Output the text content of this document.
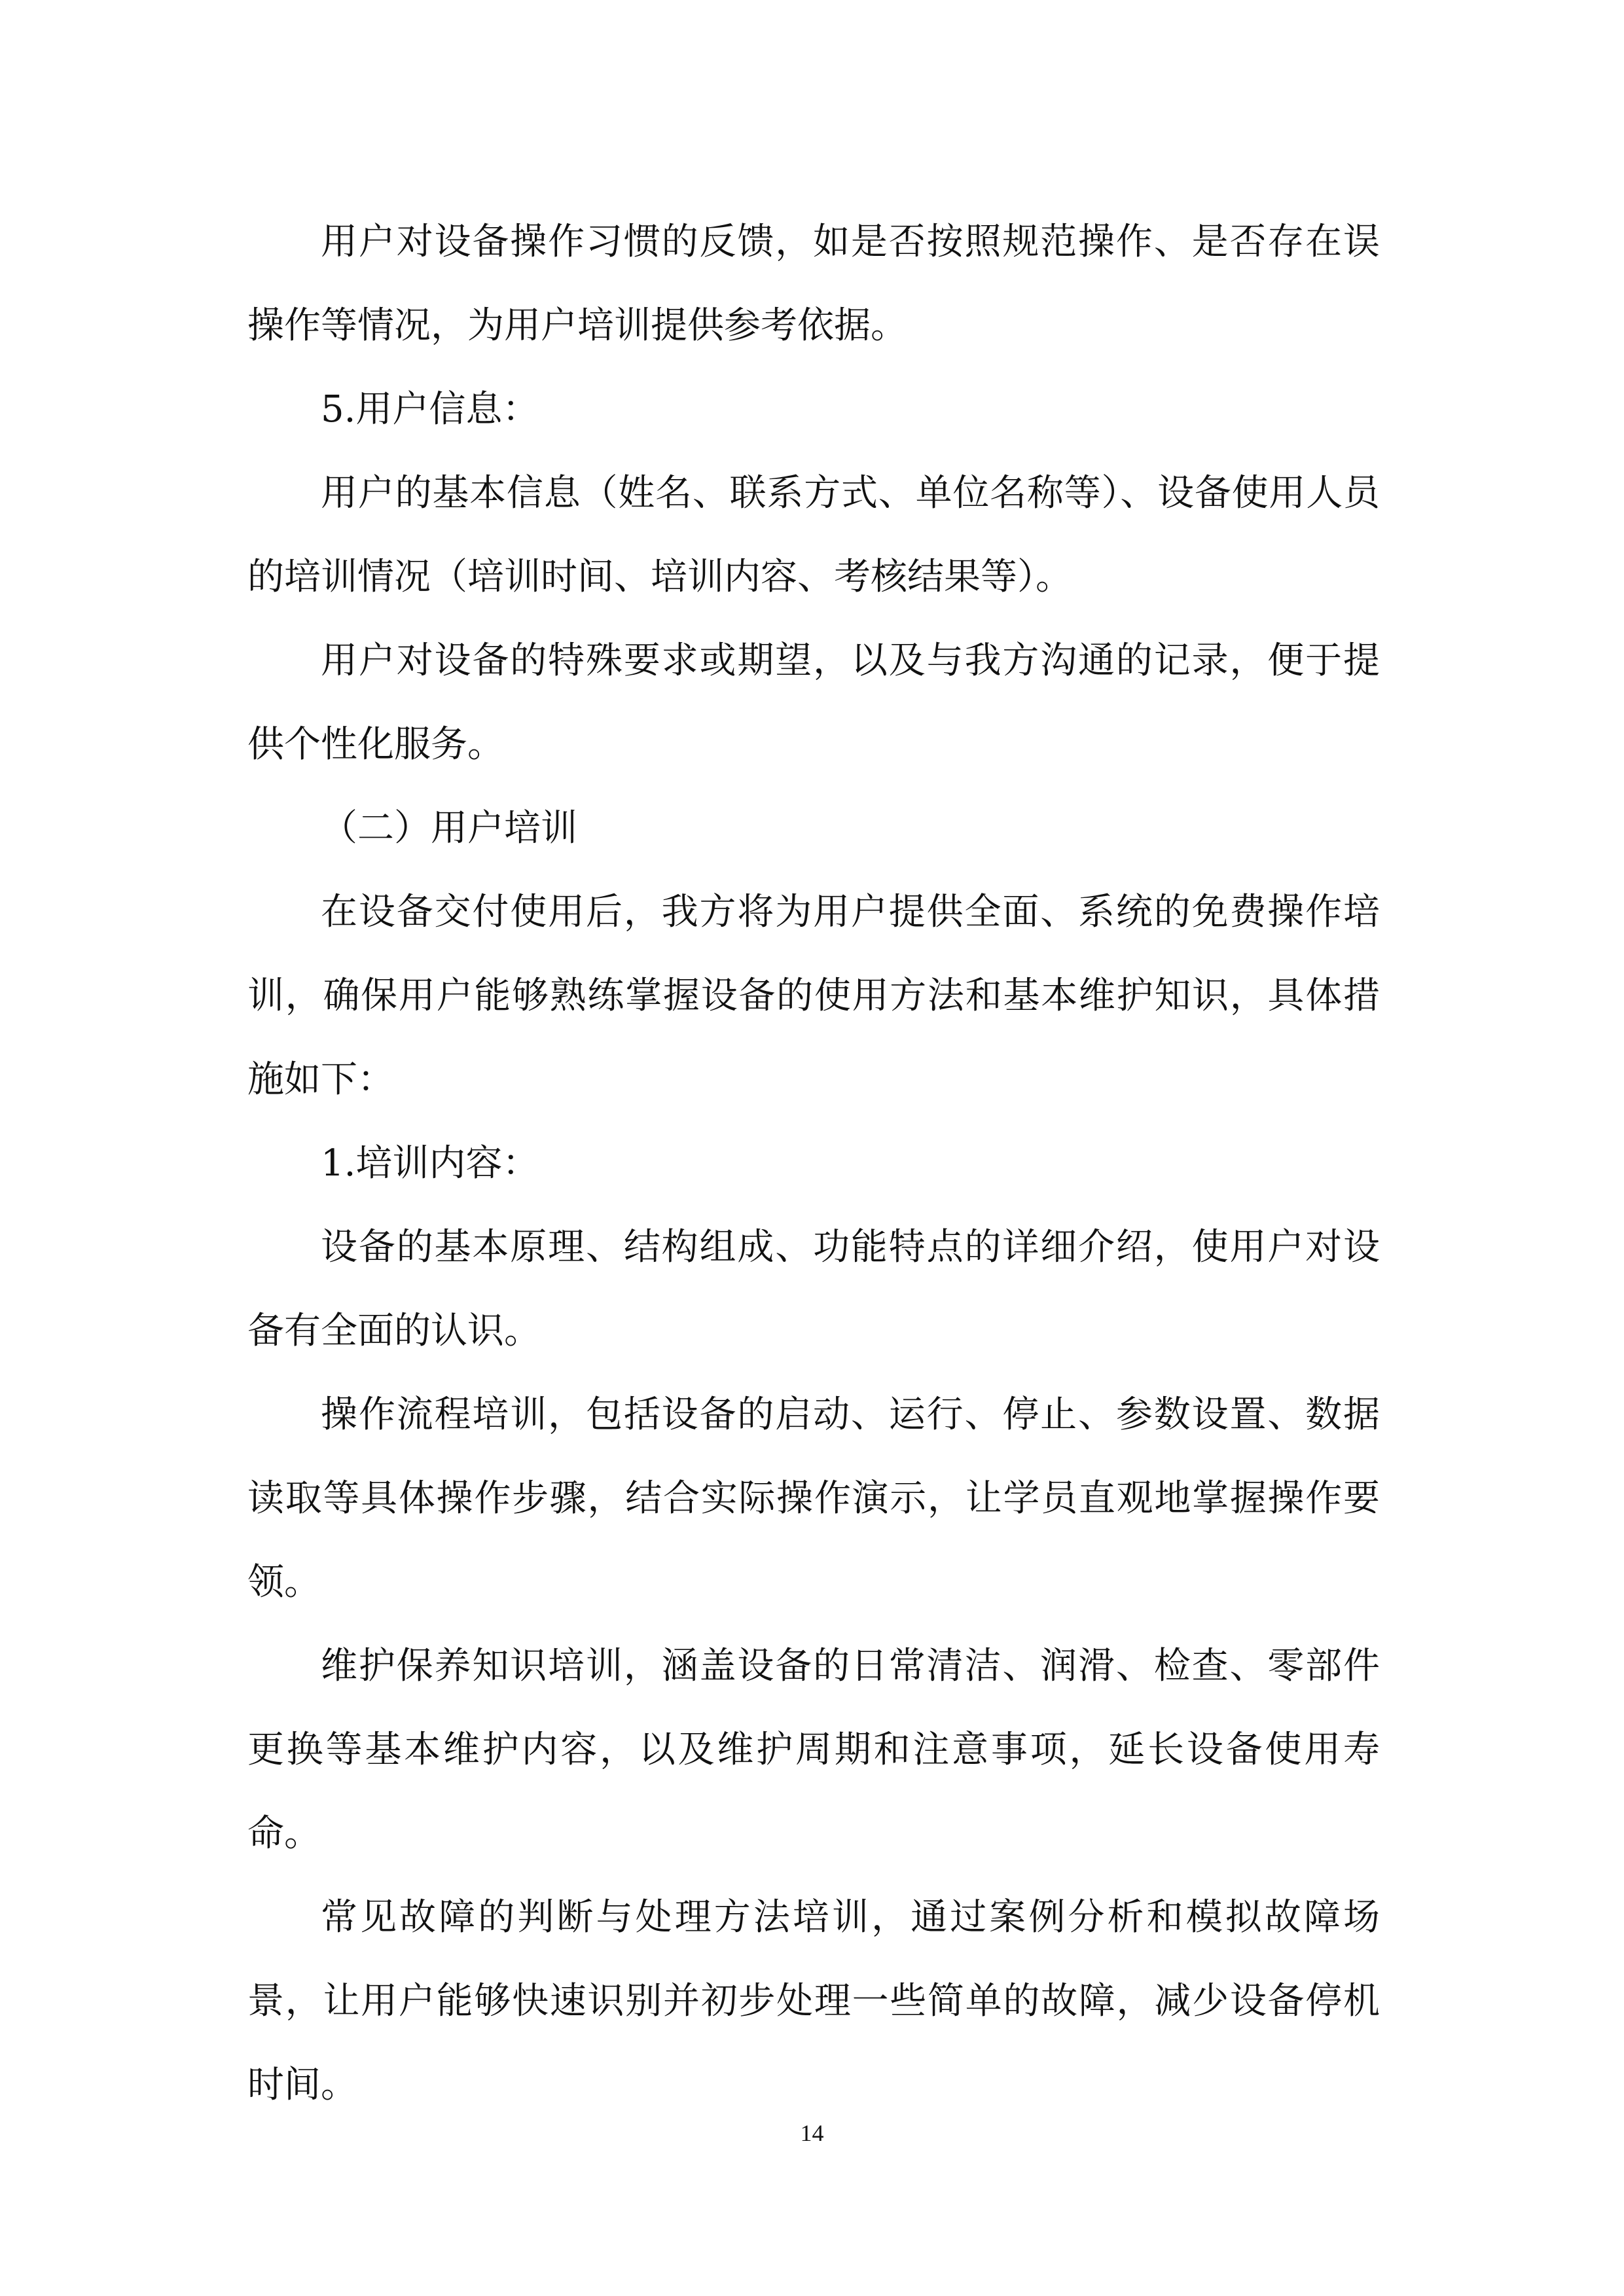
用户对设备操作习惯的反馈，如是否按照规范操作、是否存在误操作等情况，为用户培训提供参考依据。

5.用户信息：

用户的基本信息（姓名、联系方式、单位名称等）、设备使用人员的培训情况（培训时间、培训内容、考核结果等）。

用户对设备的特殊要求或期望，以及与我方沟通的记录，便于提供个性化服务。

（二）用户培训

在设备交付使用后，我方将为用户提供全面、系统的免费操作培训，确保用户能够熟练掌握设备的使用方法和基本维护知识，具体措施如下：

1.培训内容：

设备的基本原理、结构组成、功能特点的详细介绍，使用户对设备有全面的认识。

操作流程培训，包括设备的启动、运行、停止、参数设置、数据读取等具体操作步骤，结合实际操作演示，让学员直观地掌握操作要领。

维护保养知识培训，涵盖设备的日常清洁、润滑、检查、零部件更换等基本维护内容，以及维护周期和注意事项，延长设备使用寿命。

常见故障的判断与处理方法培训，通过案例分析和模拟故障场景，让用户能够快速识别并初步处理一些简单的故障，减少设备停机时间。

14
